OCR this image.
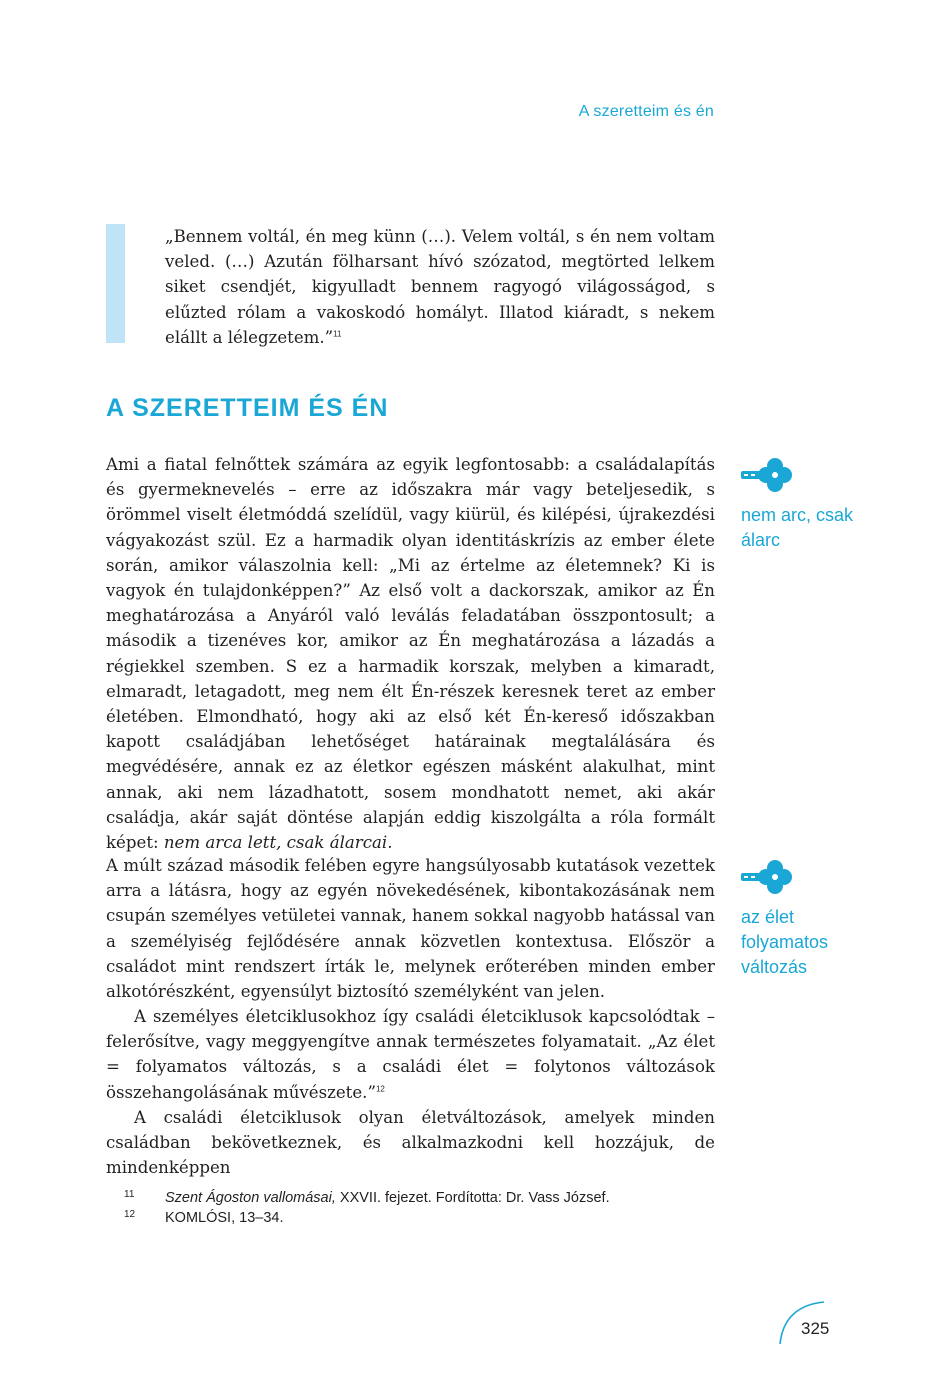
A szeretteim és én
„Bennem voltál, én meg künn (…). Velem voltál, s én nem voltam veled. (…) Azután fölharsant hívó szózatod, megtörted lelkem siket csendjét, kigyulladt bennem ragyogó világosságod, s elűzted rólam a vakoskodó homályt. Illatod kiáradt, s nekem elállt a lélegzetem.”$^{11}$
A SZERETTEIM ÉS ÉN

Ami a fiatal felnőttek számára az egyik legfontosabb: a családalapítás és gyermeknevelés – erre az időszakra már vagy beteljesedik, s örömmel viselt életmóddá szelídül, vagy kiürül, és kilépési, újrakezdési vágyakozást szül. Ez a harmadik olyan identitáskrízis az ember élete során, amikor válaszolnia kell: „Mi az értelme az életemnek? Ki is vagyok én tulajdonképpen?” Az első volt a dackorszak, amikor az Én meghatározása a Anyáról való leválás feladatában összpontosult; a második a tizenéves kor, amikor az Én meghatározása a lázadás a régiekkel szemben. S ez a harmadik korszak, melyben a kimaradt, elmaradt, letagadott, meg nem élt Én-részek keresnek teret az ember életében. Elmondható, hogy aki az első két Én-kereső időszakban kapott családjában lehetőséget határainak megtalálására és megvédésére, annak ez az életkor egészen másként alakulhat, mint annak, aki nem lázadhatott, sosem mondhatott nemet, aki akár családja, akár saját döntése alapján eddig kiszolgálta a róla formált képet: nem arca lett, csak álarcai.

A múlt század második felében egyre hangsúlyosabb kutatások vezettek arra a látásra, hogy az egyén növekedésének, kibontakozásának nem csupán személyes vetületei vannak, hanem sokkal nagyobb hatással van a személyiség fejlődésére annak közvetlen kontextusa. Először a családot mint rendszert írták le, melynek erőterében minden ember alkotórészként, egyensúlyt biztosító személyként van jelen.

A személyes életciklusokhoz így családi életciklusok kapcsolódtak – felerősítve, vagy meggyengítve annak természetes folyamatait. „Az élet = folyamatos változás, s a családi élet = folytonos változások összehangolásának művészete.”$^{12}$

A családi életciklusok olyan életváltozások, amelyek minden családban bekövetkeznek, és alkalmazkodni kell hozzájuk, de mindenképpen

nem arc, csak álarc
az élet folyamatos változás
11	Szent Ágoston vallomásai, XXVII. fejezet. Fordította: Dr. Vass József.
12	KOMLÓSI, 13–34.
325
